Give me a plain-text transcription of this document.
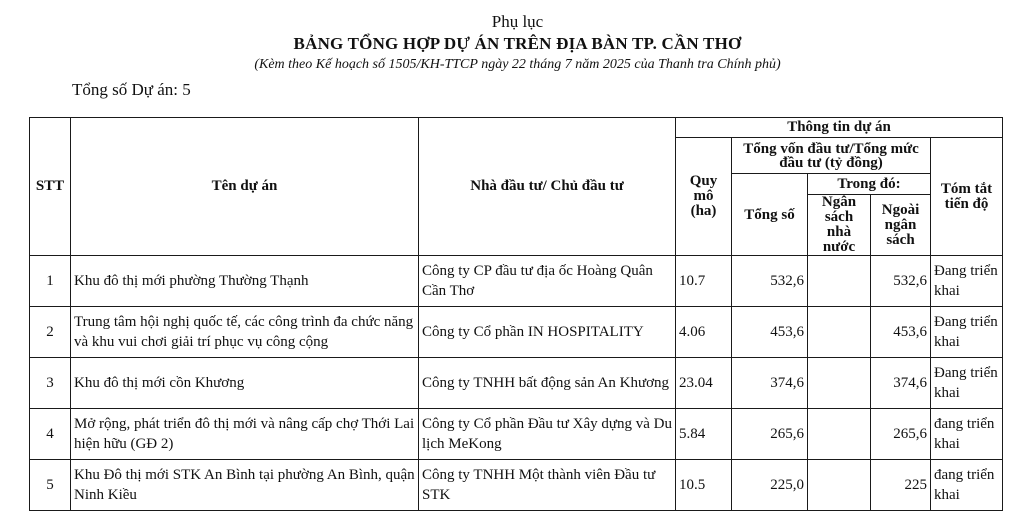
Phụ lục
BẢNG TỔNG HỢP DỰ ÁN TRÊN ĐỊA BÀN TP. CẦN THƠ
(Kèm theo Kế hoạch số 1505/KH-TTCP ngày 22 tháng 7 năm 2025 của Thanh tra Chính phủ)
Tổng số Dự án: 5
STT	Tên dự án	Nhà đầu tư/ Chủ đầu tư	Thông tin dự án				
			Quy mô (ha)	Tổng vốn đầu tư/Tổng mức đầu tư (tỷ đồng)			Tóm tắt tiến độ
				Tổng số	Trong đó:		
					Ngân sách nhà nước	Ngoài ngân sách	
1	Khu đô thị mới phường Thường Thạnh	Công ty CP đầu tư địa ốc Hoàng Quân Cần Thơ	10.7	532,6		532,6	Đang triển khai
2	Trung tâm hội nghị quốc tế, các công trình đa chức năng và khu vui chơi giải trí phục vụ công cộng	Công ty Cổ phần IN HOSPITALITY	4.06	453,6		453,6	Đang triển khai
3	Khu đô thị mới cồn Khương	Công ty TNHH bất động sản An Khương	23.04	374,6		374,6	Đang triển khai
4	Mở rộng, phát triển đô thị mới và nâng cấp chợ Thới Lai hiện hữu (GĐ 2)	Công ty Cổ phần Đầu tư Xây dựng và Du lịch MeKong	5.84	265,6		265,6	đang triển khai
5	Khu Đô thị mới STK An Bình tại phường An Bình, quận Ninh Kiều	Công ty TNHH Một thành viên Đầu tư STK	10.5	225,0		225	đang triển khai
